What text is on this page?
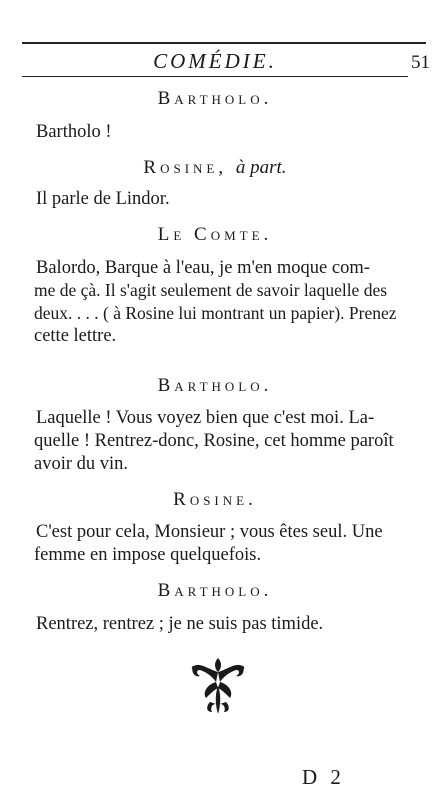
COMÉDIE.	51
Bartholo.
Bartholo !
Rosine, à part.
Il parle de Lindor.
Le Comte.
Balordo, Barque à l'eau, je m'en moque com-
me de çà. Il s'agit seulement de savoir laquelle des
deux. . . . ( à Rosine lui montrant un papier). Prenez
cette lettre.
Bartholo.
Laquelle ! Vous voyez bien que c'est moi. La-
quelle ! Rentrez-donc, Rosine, cet homme paroît
avoir du vin.
Rosine.
C'est pour cela, Monsieur ; vous êtes seul. Une
femme en impose quelquefois.
Bartholo.
Rentrez, rentrez ; je ne suis pas timide.
D 2
